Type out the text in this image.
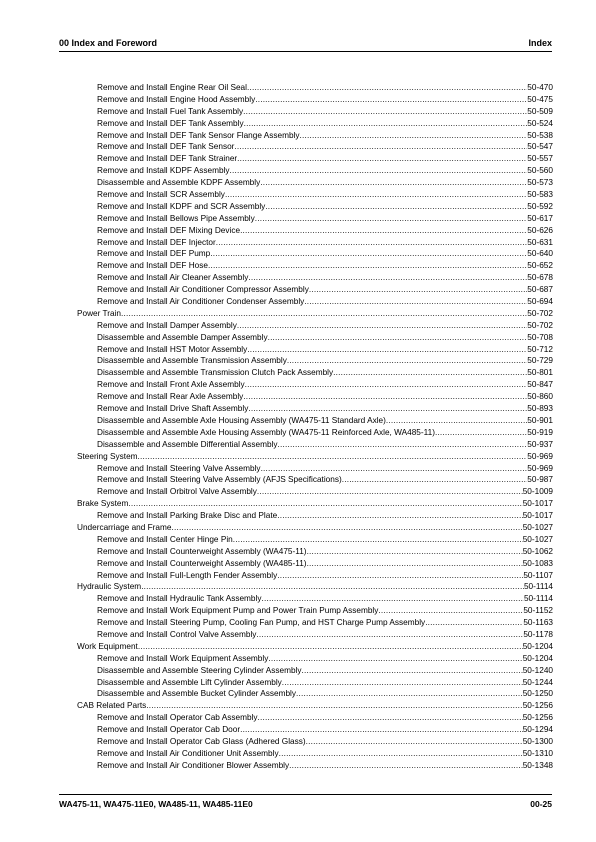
00 Index and Foreword	Index
Remove and Install Engine Rear Oil Seal .....	50-470
Remove and Install Engine Hood Assembly .....	50-475
Remove and Install Fuel Tank Assembly .....	50-509
Remove and Install DEF Tank Assembly .....	50-524
Remove and Install DEF Tank Sensor Flange Assembly .....	50-538
Remove and Install DEF Tank Sensor .....	50-547
Remove and Install DEF Tank Strainer .....	50-557
Remove and Install KDPF Assembly .....	50-560
Disassemble and Assemble KDPF Assembly .....	50-573
Remove and Install SCR Assembly .....	50-583
Remove and Install KDPF and SCR Assembly .....	50-592
Remove and Install Bellows Pipe Assembly .....	50-617
Remove and Install DEF Mixing Device .....	50-626
Remove and Install DEF Injector .....	50-631
Remove and Install DEF Pump .....	50-640
Remove and Install DEF Hose .....	50-652
Remove and Install Air Cleaner Assembly .....	50-678
Remove and Install Air Conditioner Compressor Assembly .....	50-687
Remove and Install Air Conditioner Condenser Assembly .....	50-694
Power Train .....	50-702
Remove and Install Damper Assembly .....	50-702
Disassemble and Assemble Damper Assembly .....	50-708
Remove and Install HST Motor Assembly .....	50-712
Disassemble and Assemble Transmission Assembly .....	50-729
Disassemble and Assemble Transmission Clutch Pack Assembly .....	50-801
Remove and Install Front Axle Assembly .....	50-847
Remove and Install Rear Axle Assembly .....	50-860
Remove and Install Drive Shaft Assembly .....	50-893
Disassemble and Assemble Axle Housing Assembly (WA475-11 Standard Axle) .....	50-901
Disassemble and Assemble Axle Housing Assembly (WA475-11 Reinforced Axle, WA485-11) .....	50-919
Disassemble and Assemble Differential Assembly .....	50-937
Steering System .....	50-969
Remove and Install Steering Valve Assembly .....	50-969
Remove and Install Steering Valve Assembly (AFJS Specifications) .....	50-987
Remove and Install Orbitrol Valve Assembly .....	50-1009
Brake System .....	50-1017
Remove and Install Parking Brake Disc and Plate .....	50-1017
Undercarriage and Frame .....	50-1027
Remove and Install Center Hinge Pin .....	50-1027
Remove and Install Counterweight Assembly (WA475-11) .....	50-1062
Remove and Install Counterweight Assembly (WA485-11) .....	50-1083
Remove and Install Full-Length Fender Assembly .....	50-1107
Hydraulic System .....	50-1114
Remove and Install Hydraulic Tank Assembly .....	50-1114
Remove and Install Work Equipment Pump and Power Train Pump Assembly .....	50-1152
Remove and Install Steering Pump, Cooling Fan Pump, and HST Charge Pump Assembly .....	50-1163
Remove and Install Control Valve Assembly .....	50-1178
Work Equipment .....	50-1204
Remove and Install Work Equipment Assembly .....	50-1204
Disassemble and Assemble Steering Cylinder Assembly .....	50-1240
Disassemble and Assemble Lift Cylinder Assembly .....	50-1244
Disassemble and Assemble Bucket Cylinder Assembly .....	50-1250
CAB Related Parts .....	50-1256
Remove and Install Operator Cab Assembly .....	50-1256
Remove and Install Operator Cab Door .....	50-1294
Remove and Install Operator Cab Glass (Adhered Glass) .....	50-1300
Remove and Install Air Conditioner Unit Assembly .....	50-1310
Remove and Install Air Conditioner Blower Assembly .....	50-1348
WA475-11, WA475-11E0, WA485-11, WA485-11E0	00-25
